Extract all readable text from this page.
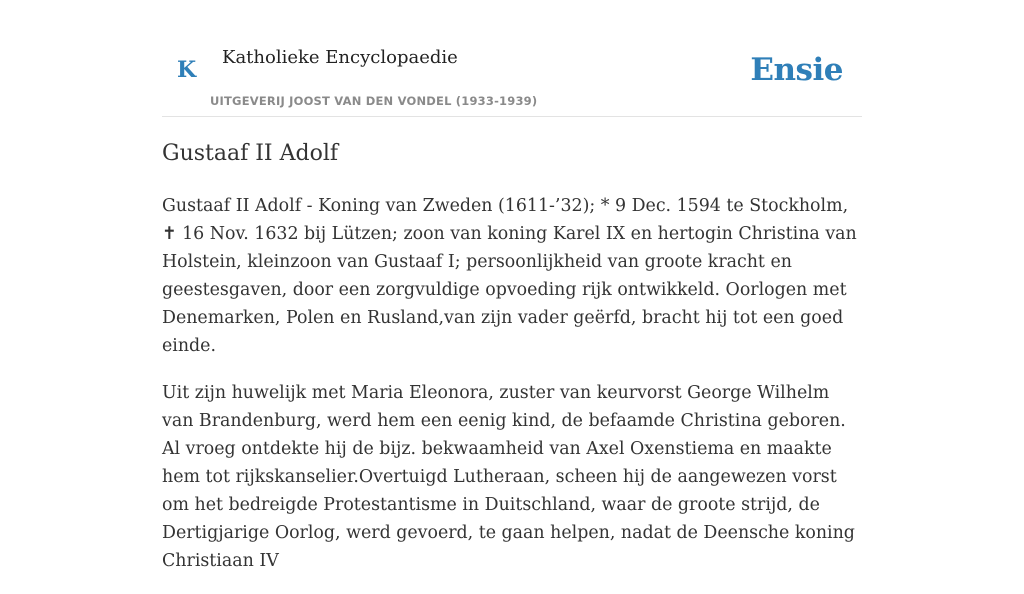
K Katholieke Encyclopaedie
UITGEVERIJ JOOST VAN DEN VONDEL (1933-1939)
Ensie
Gustaaf II Adolf

Gustaaf II Adolf - Koning van Zweden (1611-’32); * 9 Dec. 1594 te Stockholm, ✝ 16 Nov. 1632 bij Lützen; zoon van koning Karel IX en hertogin Christina van Holstein, kleinzoon van Gustaaf I; persoonlijkheid van groote kracht en geestesgaven, door een zorgvuldige opvoeding rijk ontwikkeld. Oorlogen met Denemarken, Polen en Rusland,van zijn vader geërfd, bracht hij tot een goed einde.

Uit zijn huwelijk met Maria Eleonora, zuster van keurvorst George Wilhelm van Brandenburg, werd hem een eenig kind, de befaamde Christina geboren. Al vroeg ontdekte hij de bijz. bekwaamheid van Axel Oxenstiema en maakte hem tot rijkskanselier.Overtuigd Lutheraan, scheen hij de aangewezen vorst om het bedreigde Protestantisme in Duitschland, waar de groote strijd, de Dertigjarige Oorlog, werd gevoerd, te gaan helpen, nadat de Deensche koning Christiaan IV
